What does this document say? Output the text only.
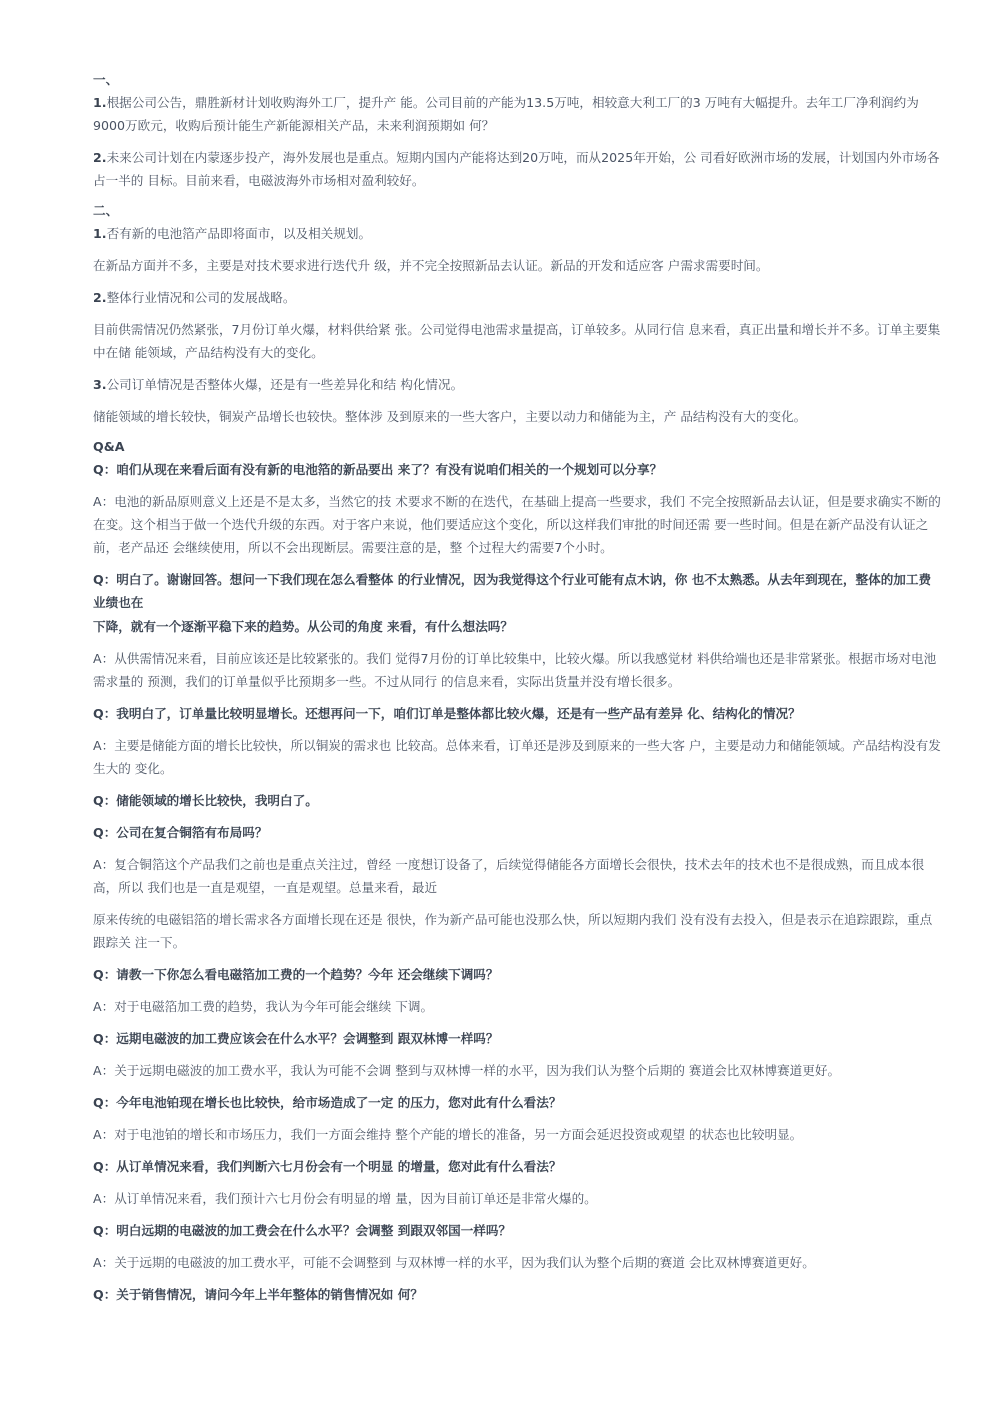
一、

1.根据公司公告，鼎胜新材计划收购海外工厂，提升产 能。公司目前的产能为13.5万吨，相较意大利工厂的3 万吨有大幅提升。去年工厂净利润约为9000万欧元，收购后预计能生产新能源相关产品，未来利润预期如 何？

2.未来公司计划在内蒙逐步投产，海外发展也是重点。短期内国内产能将达到20万吨，而从2025年开始，公 司看好欧洲市场的发展，计划国内外市场各占一半的 目标。目前来看，电磁波海外市场相对盈利较好。

二、

1.否有新的电池箔产品即将面市，以及相关规划。

在新品方面并不多，主要是对技术要求进行迭代升 级，并不完全按照新品去认证。新品的开发和适应客 户需求需要时间。

2.整体行业情况和公司的发展战略。

目前供需情况仍然紧张，7月份订单火爆，材料供给紧 张。公司觉得电池需求量提高，订单较多。从同行信 息来看，真正出量和增长并不多。订单主要集中在储 能领域，产品结构没有大的变化。

3.公司订单情况是否整体火爆，还是有一些差异化和结 构化情况。

储能领域的增长较快，铜炭产品增长也较快。整体涉 及到原来的一些大客户，主要以动力和储能为主，产 品结构没有大的变化。

Q&A

Q：咱们从现在来看后面有没有新的电池箔的新品要出 来了？有没有说咱们相关的一个规划可以分享？

A：电池的新品原则意义上还是不是太多，当然它的技 术要求不断的在迭代，在基础上提高一些要求，我们 不完全按照新品去认证，但是要求确实不断的在变。这个相当于做一个迭代升级的东西。对于客户来说，他们要适应这个变化，所以这样我们审批的时间还需 要一些时间。但是在新产品没有认证之前，老产品还 会继续使用，所以不会出现断层。需要注意的是，整 个过程大约需要7个小时。

Q：明白了。谢谢回答。想问一下我们现在怎么看整体 的行业情况，因为我觉得这个行业可能有点木讷，你 也不太熟悉。从去年到现在，整体的加工费业绩也在

下降，就有一个逐渐平稳下来的趋势。从公司的角度 来看，有什么想法吗？

A：从供需情况来看，目前应该还是比较紧张的。我们 觉得7月份的订单比较集中，比较火爆。所以我感觉材 料供给端也还是非常紧张。根据市场对电池需求量的 预测，我们的订单量似乎比预期多一些。不过从同行 的信息来看，实际出货量并没有增长很多。

Q：我明白了，订单量比较明显增长。还想再问一下，咱们订单是整体都比较火爆，还是有一些产品有差异 化、结构化的情况？

A：主要是储能方面的增长比较快，所以铜炭的需求也 比较高。总体来看，订单还是涉及到原来的一些大客 户，主要是动力和储能领域。产品结构没有发生大的 变化。

Q：储能领域的增长比较快，我明白了。

Q：公司在复合铜箔有布局吗？

A：复合铜箔这个产品我们之前也是重点关注过，曾经 一度想订设备了，后续觉得储能各方面增长会很快，技术去年的技术也不是很成熟，而且成本很高，所以 我们也是一直是观望，一直是观望。总量来看，最近

原来传统的电磁铝箔的增长需求各方面增长现在还是 很快，作为新产品可能也没那么快，所以短期内我们 没有没有去投入，但是表示在追踪跟踪，重点跟踪关 注一下。

Q：请教一下你怎么看电磁箔加工费的一个趋势？今年 还会继续下调吗？

A：对于电磁箔加工费的趋势，我认为今年可能会继续 下调。

Q：远期电磁波的加工费应该会在什么水平？会调整到 跟双林博一样吗？

A：关于远期电磁波的加工费水平，我认为可能不会调 整到与双林博一样的水平，因为我们认为整个后期的 赛道会比双林博赛道更好。

Q：今年电池铂现在增长也比较快，给市场造成了一定 的压力，您对此有什么看法？

A：对于电池铂的增长和市场压力，我们一方面会维持 整个产能的增长的准备，另一方面会延迟投资或观望 的状态也比较明显。

Q：从订单情况来看，我们判断六七月份会有一个明显 的增量，您对此有什么看法？

A：从订单情况来看，我们预计六七月份会有明显的增 量，因为目前订单还是非常火爆的。

Q：明白远期的电磁波的加工费会在什么水平？会调整 到跟双邻国一样吗？

A：关于远期的电磁波的加工费水平，可能不会调整到 与双林博一样的水平，因为我们认为整个后期的赛道 会比双林博赛道更好。

Q：关于销售情况，请问今年上半年整体的销售情况如 何？
